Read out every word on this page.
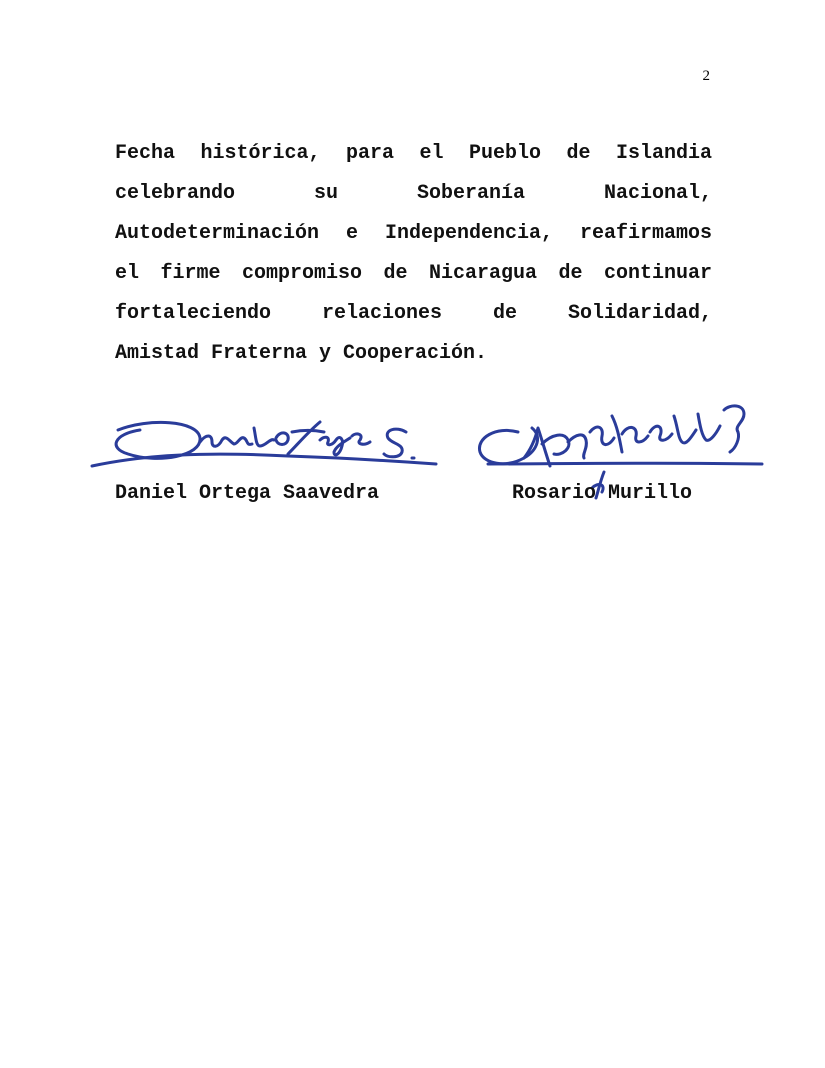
2
Fecha histórica, para el Pueblo de Islandia
celebrando su Soberanía Nacional,
Autodeterminación e Independencia, reafirmamos
el firme compromiso de Nicaragua de continuar
fortaleciendo relaciones de Solidaridad,
Amistad Fraterna y Cooperación.
Daniel Ortega Saavedra	Rosario Murillo
